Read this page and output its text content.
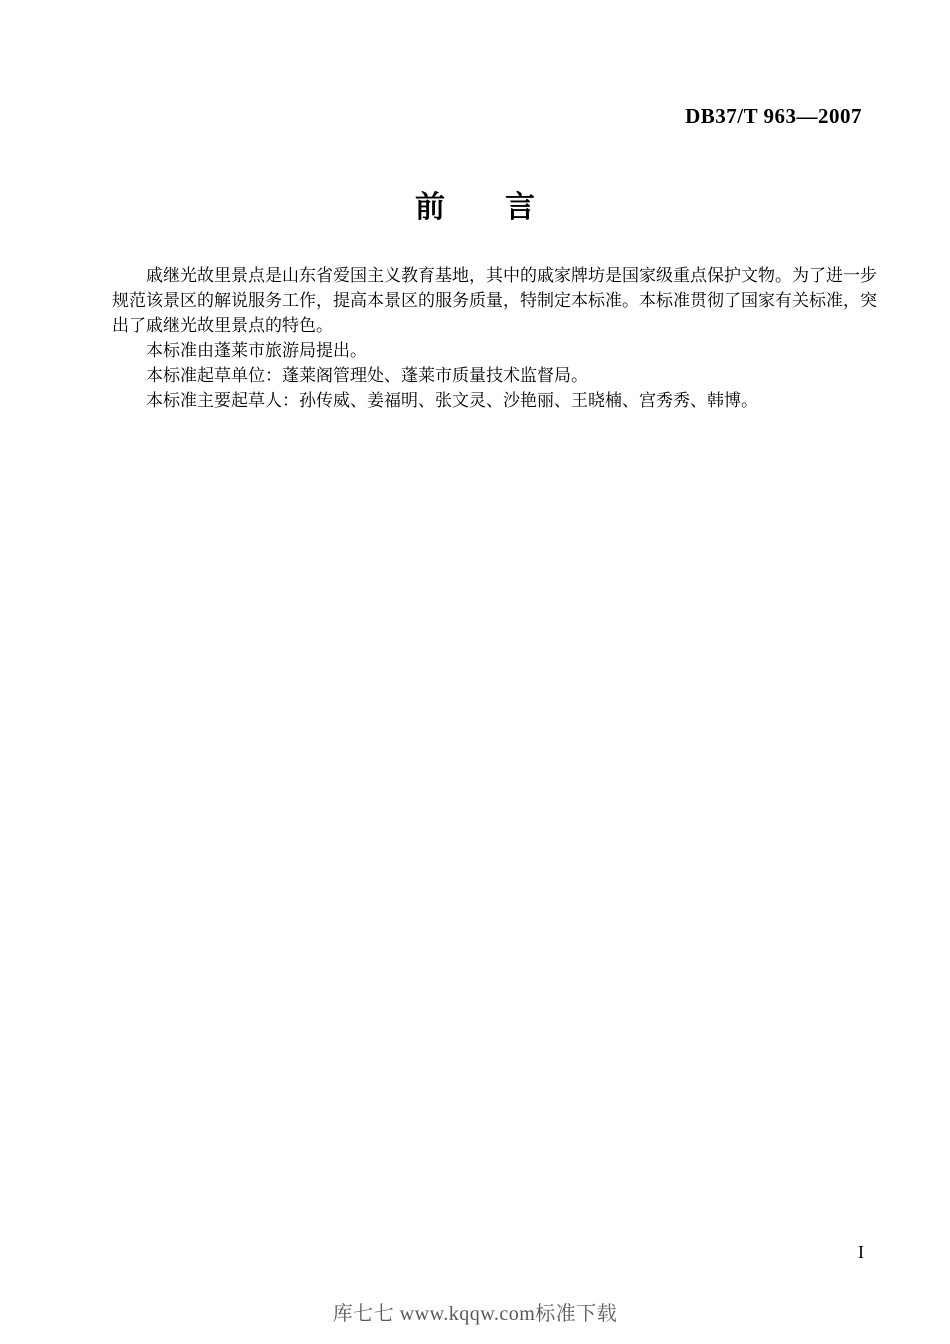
DB37/T 963—2007
前　　言
戚继光故里景点是山东省爱国主义教育基地，其中的戚家牌坊是国家级重点保护文物。为了进一步
规范该景区的解说服务工作，提高本景区的服务质量，特制定本标准。本标准贯彻了国家有关标准，突
出了戚继光故里景点的特色。
本标准由蓬莱市旅游局提出。
本标准起草单位：蓬莱阁管理处、蓬莱市质量技术监督局。
本标准主要起草人：孙传威、姜福明、张文灵、沙艳丽、王晓楠、宫秀秀、韩博。
I
库七七 www.kqqw.com标准下载
